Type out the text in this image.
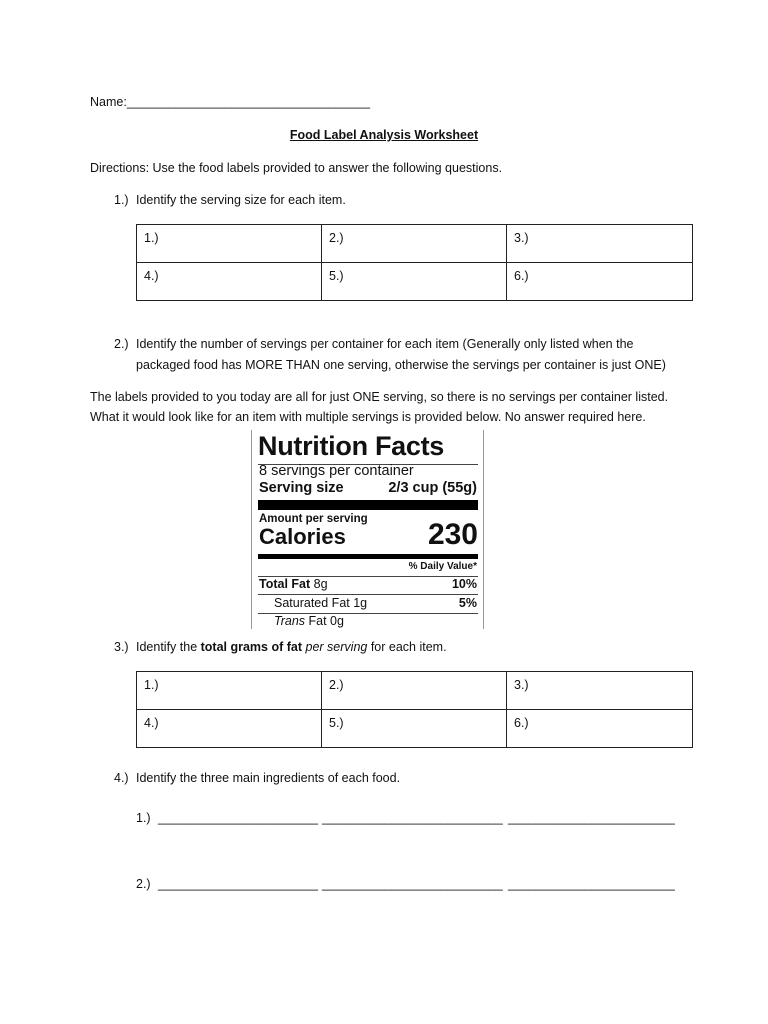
Name:___________________________________
Food Label Analysis Worksheet
Directions: Use the food labels provided to answer the following questions.
1.) Identify the serving size for each item.
1.)	2.)	3.)
4.)	5.)	6.)
2.) Identify the number of servings per container for each item (Generally only listed when the
packaged food has MORE THAN one serving, otherwise the servings per container is just ONE)
The labels provided to you today are all for just ONE serving, so there is no servings per container listed.
What it would look like for an item with multiple servings is provided below. No answer required here.
Nutrition Facts
8 servings per container
Serving size	2/3 cup (55g)
Amount per serving
Calories	230
% Daily Value*
Total Fat 8g	10%
Saturated Fat 1g	5%
Trans Fat 0g
3.) Identify the total grams of fat per serving for each item.
1.)	2.)	3.)
4.)	5.)	6.)
4.) Identify the three main ingredients of each food.
1.) _______________________ __________________________ ________________________
2.) _______________________ __________________________ ________________________
